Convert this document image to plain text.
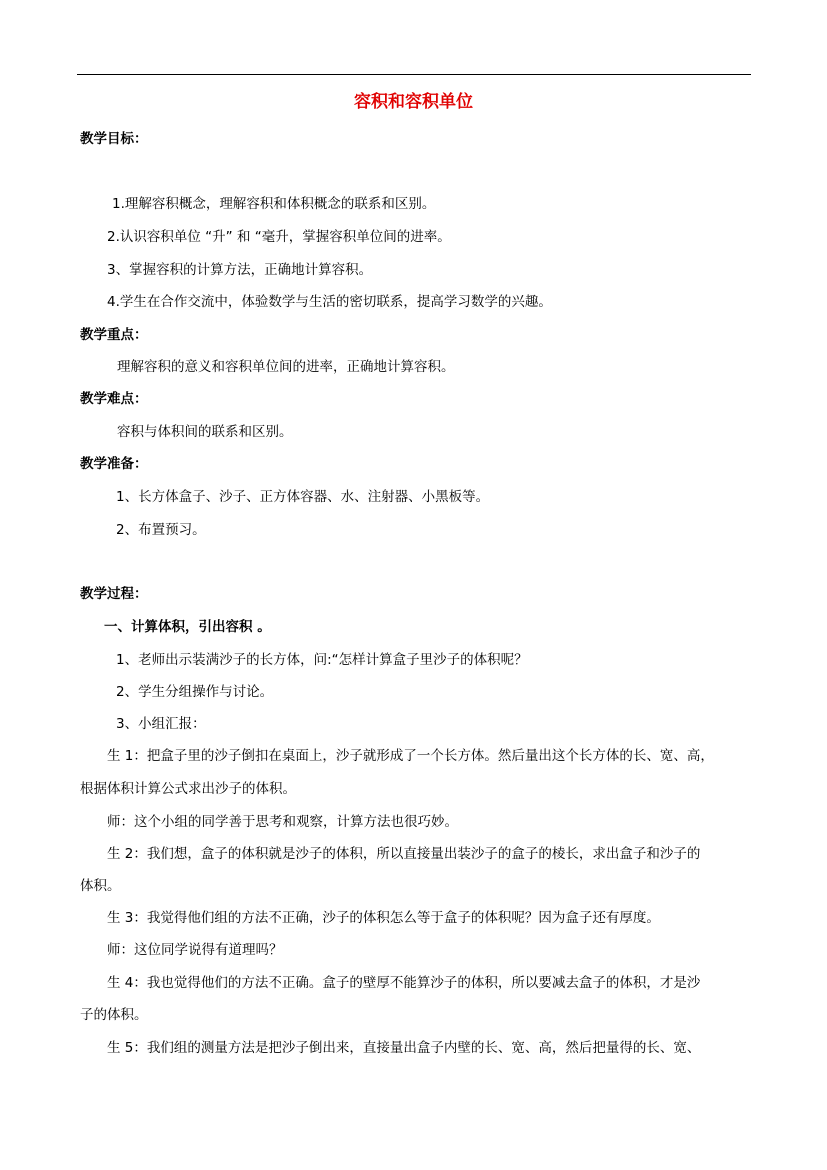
容积和容积单位
教学目标：
1.理解容积概念，理解容积和体积概念的联系和区别。
2.认识容积单位 “升” 和 “毫升，掌握容积单位间的进率。
3、掌握容积的计算方法，正确地计算容积。
4.学生在合作交流中，体验数学与生活的密切联系，提高学习数学的兴趣。
教学重点：
理解容积的意义和容积单位间的进率，正确地计算容积。
教学难点：
容积与体积间的联系和区别。
教学准备：
1、长方体盒子、沙子、正方体容器、水、注射器、小黑板等。
2、布置预习。
教学过程：
一、计算体积，引出容积 。
1、老师出示装满沙子的长方体，问:“怎样计算盒子里沙子的体积呢？
2、学生分组操作与讨论。
3、小组汇报：
生 1：把盒子里的沙子倒扣在桌面上，沙子就形成了一个长方体。然后量出这个长方体的长、宽、高，
根据体积计算公式求出沙子的体积。
师：这个小组的同学善于思考和观察，计算方法也很巧妙。
生 2：我们想，盒子的体积就是沙子的体积，所以直接量出装沙子的盒子的棱长，求出盒子和沙子的
体积。
生 3：我觉得他们组的方法不正确，沙子的体积怎么等于盒子的体积呢？因为盒子还有厚度。
师：这位同学说得有道理吗？
生 4：我也觉得他们的方法不正确。盒子的壁厚不能算沙子的体积，所以要减去盒子的体积，才是沙
子的体积。
生 5：我们组的测量方法是把沙子倒出来，直接量出盒子内壁的长、宽、高，然后把量得的长、宽、
